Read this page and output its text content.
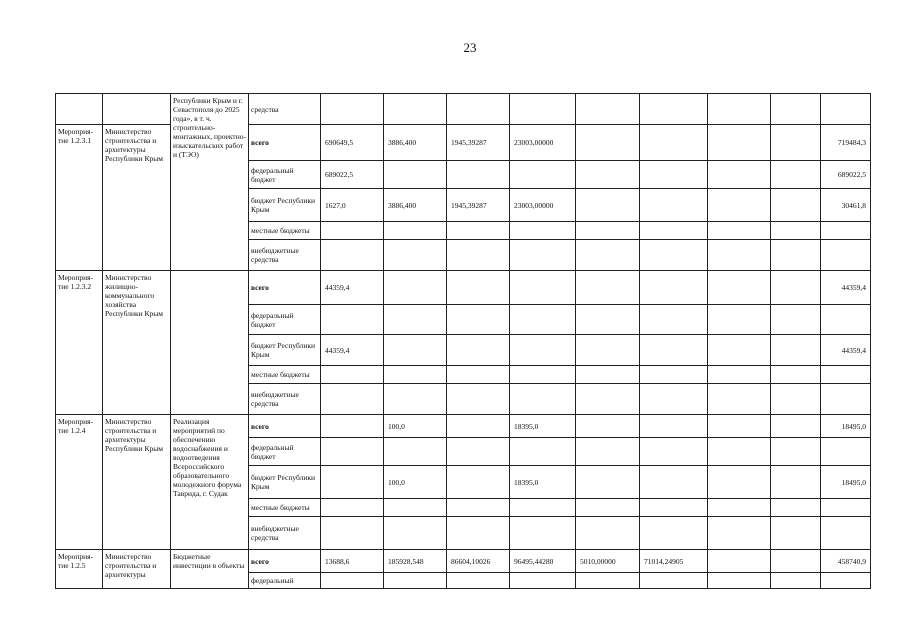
23
		Республики Крым и г. Севастополя до 2025 года», в т. ч. строительно-монтажных, проектно-изыскательских работ и (ТЭО)	средства									
Мероприя-тие 1.2.3.1	Министерство строительства и архитектуры Республики Крым		всего	690649,5	3886,400	1945,39287	23003,00000					719484,3
			федеральный бюджет	689022,5								689022,5
			бюджет Республики Крым	1627,0	3886,400	1945,39287	23003,00000					30461,8
			местные бюджеты									
			внебюджетные средства									
Мероприя-тие 1.2.3.2	Министерство жилищно-коммунального хозяйства Республики Крым		всего	44359,4								44359,4
			федеральный бюджет									
			бюджет Республики Крым	44359,4								44359,4
			местные бюджеты									
			внебюджетные средства									
Мероприя-тие 1.2.4	Министерство строительства и архитектуры Республики Крым	Реализация мероприятий по обеспечению водоснабжения и водоотведения Всероссийского образовательного молодежного форума Таврида, г. Судак	всего		100,0		18395,0					18495,0
			федеральный бюджет									
			бюджет Республики Крым		100,0		18395,0					18495,0
			местные бюджеты									
			внебюджетные средства									
Мероприя-тие 1.2.5	Министерство строительства и архитектуры	Бюджетные инвестиции в объекты	всего	13688,6	185928,548	86604,10026	96495,44280	5010,00000	71014,24905			458740,9
			федеральный									
